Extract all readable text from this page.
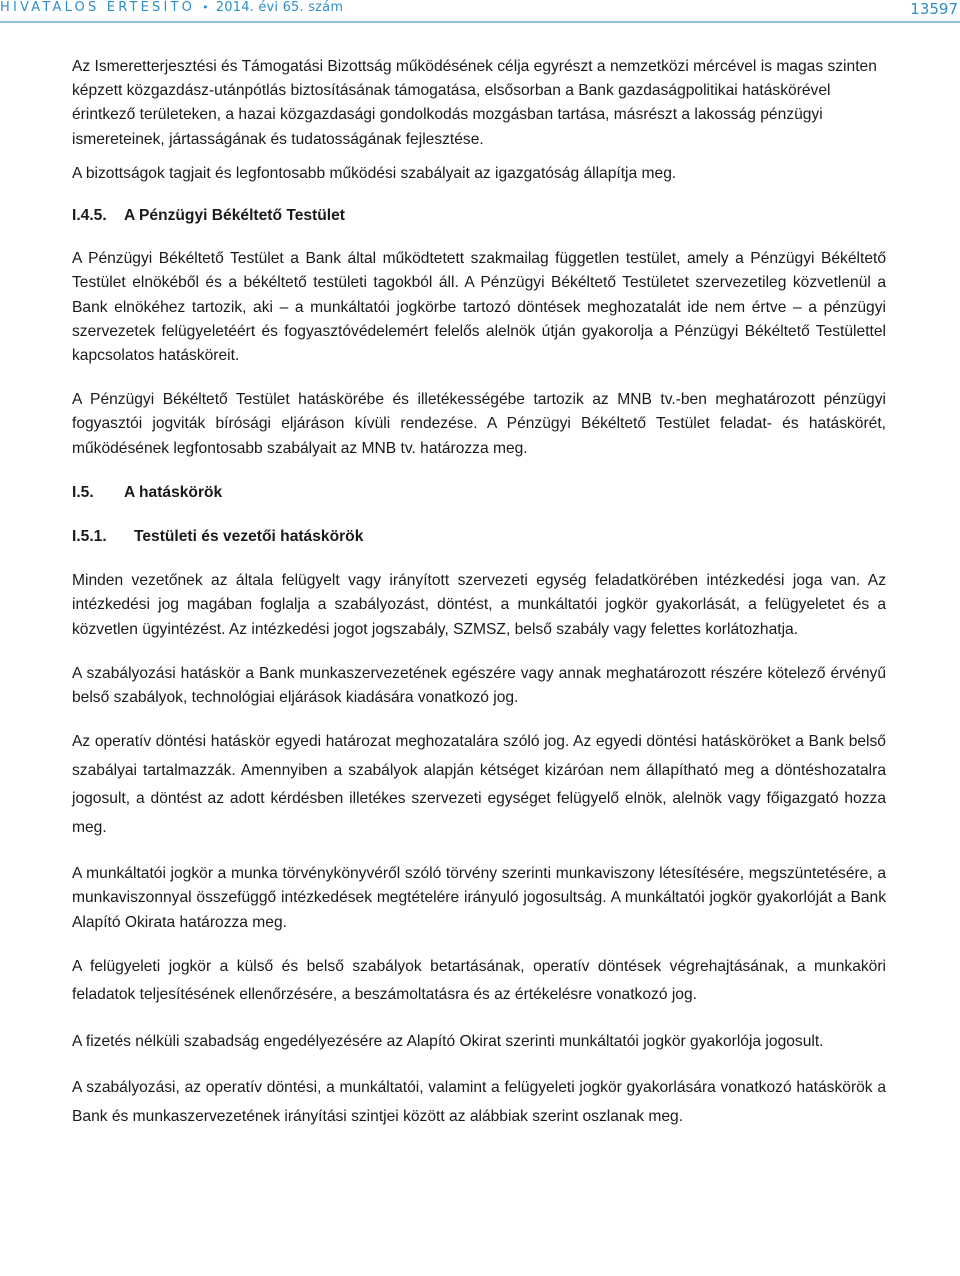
HIVATALOS ÉRTESÍTŐ • 2014. évi 65. szám	13597

Az Ismeretterjesztési és Támogatási Bizottság működésének célja egyrészt a nemzetközi mércével is magas szinten képzett közgazdász-utánpótlás biztosításának támogatása, elsősorban a Bank gazdaságpolitikai hatáskörével érintkező területeken, a hazai közgazdasági gondolkodás mozgásban tartása, másrészt a lakosság pénzügyi ismereteinek, jártasságának és tudatosságának fejlesztése.

A bizottságok tagjait és legfontosabb működési szabályait az igazgatóság állapítja meg.

I.4.5. A Pénzügyi Békéltető Testület

A Pénzügyi Békéltető Testület a Bank által működtetett szakmailag független testület, amely a Pénzügyi Békéltető Testület elnökéből és a békéltető testületi tagokból áll. A Pénzügyi Békéltető Testületet szervezetileg közvetlenül a Bank elnökéhez tartozik, aki – a munkáltatói jogkörbe tartozó döntések meghozatalát ide nem értve – a pénzügyi szervezetek felügyeletéért és fogyasztóvédelemért felelős alelnök útján gyakorolja a Pénzügyi Békéltető Testülettel kapcsolatos hatásköreit.

A Pénzügyi Békéltető Testület hatáskörébe és illetékességébe tartozik az MNB tv.-ben meghatározott pénzügyi fogyasztói jogviták bírósági eljáráson kívüli rendezése. A Pénzügyi Békéltető Testület feladat- és hatáskörét, működésének legfontosabb szabályait az MNB tv. határozza meg.

I.5. A hatáskörök
I.5.1. Testületi és vezetői hatáskörök

Minden vezetőnek az általa felügyelt vagy irányított szervezeti egység feladatkörében intézkedési joga van. Az intézkedési jog magában foglalja a szabályozást, döntést, a munkáltatói jogkör gyakorlását, a felügyeletet és a közvetlen ügyintézést. Az intézkedési jogot jogszabály, SZMSZ, belső szabály vagy felettes korlátozhatja.

A szabályozási hatáskör a Bank munkaszervezetének egészére vagy annak meghatározott részére kötelező érvényű belső szabályok, technológiai eljárások kiadására vonatkozó jog.

Az operatív döntési hatáskör egyedi határozat meghozatalára szóló jog. Az egyedi döntési hatásköröket a Bank belső szabályai tartalmazzák. Amennyiben a szabályok alapján kétséget kizáróan nem állapítható meg a döntéshozatalra jogosult, a döntést az adott kérdésben illetékes szervezeti egységet felügyelő elnök, alelnök vagy főigazgató hozza meg.

A munkáltatói jogkör a munka törvénykönyvéről szóló törvény szerinti munkaviszony létesítésére, megszüntetésére, a munkaviszonnyal összefüggő intézkedések megtételére irányuló jogosultság. A munkáltatói jogkör gyakorlóját a Bank Alapító Okirata határozza meg.

A felügyeleti jogkör a külső és belső szabályok betartásának, operatív döntések végrehajtásának, a munkaköri feladatok teljesítésének ellenőrzésére, a beszámoltatásra és az értékelésre vonatkozó jog.

A fizetés nélküli szabadság engedélyezésére az Alapító Okirat szerinti munkáltatói jogkör gyakorlója jogosult.

A szabályozási, az operatív döntési, a munkáltatói, valamint a felügyeleti jogkör gyakorlására vonatkozó hatáskörök a Bank és munkaszervezetének irányítási szintjei között az alábbiak szerint oszlanak meg.
